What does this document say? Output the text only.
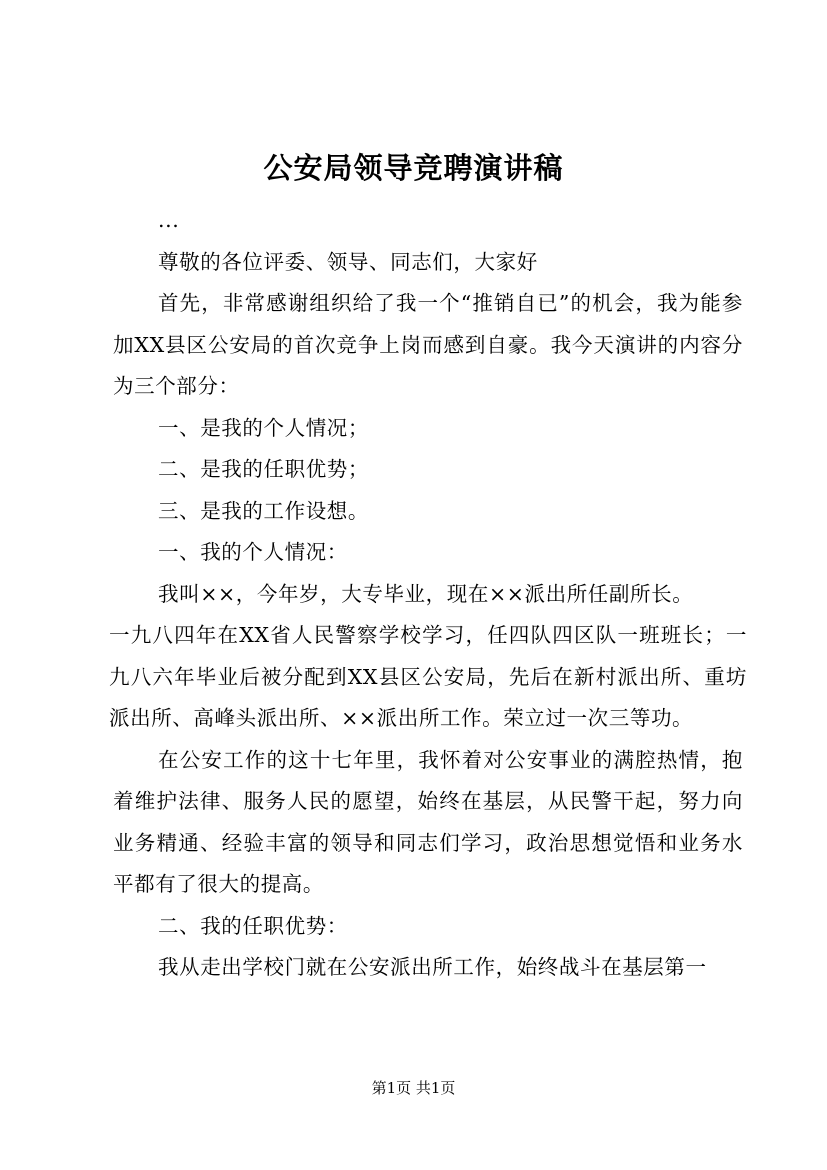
公安局领导竞聘演讲稿

...

尊敬的各位评委、领导、同志们，大家好

首先，非常感谢组织给了我一个“推销自已”的机会，我为能参加XX县区公安局的首次竞争上岗而感到自豪。我今天演讲的内容分为三个部分：

一、是我的个人情况；

二、是我的任职优势；

三、是我的工作设想。

一、我的个人情况：

我叫××，今年岁，大专毕业，现在××派出所任副所长。

一九八四年在XX省人民警察学校学习，任四队四区队一班班长；一九八六年毕业后被分配到XX县区公安局，先后在新村派出所、重坊派出所、高峰头派出所、××派出所工作。荣立过一次三等功。

在公安工作的这十七年里，我怀着对公安事业的满腔热情，抱着维护法律、服务人民的愿望，始终在基层，从民警干起，努力向业务精通、经验丰富的领导和同志们学习，政治思想觉悟和业务水平都有了很大的提高。

二、我的任职优势：

我从走出学校门就在公安派出所工作，始终战斗在基层第一

第1页 共1页
